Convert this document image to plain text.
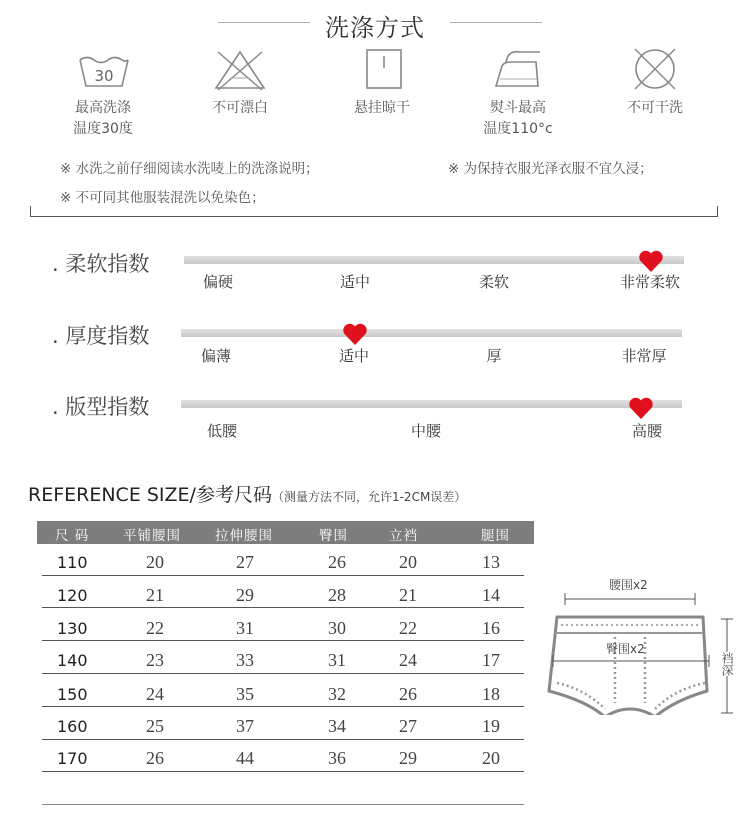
洗涤方式
30
最高洗涤
温度30度
不可漂白	悬挂晾干	熨斗最高
温度110°c
不可干洗
※ 水洗之前仔细阅读水洗唛上的洗涤说明；	※ 为保持衣服光泽衣服不宜久浸；
※ 不可同其他服装混洗以免染色；
. 柔软指数
偏硬	适中	柔软	非常柔软
. 厚度指数
偏薄	适中	厚	非常厚
. 版型指数
低腰	中腰	高腰
REFERENCE SIZE/参考尺码（测量方法不同，允许1-2CM误差）
尺 码 平铺腰围	拉伸腰围	臀围	立裆	腿围
110	20	27	26	20	13
120	21	29	28	21	14
130	22	31	30	22	16
140	23	33	31	24	17
150	24	35	32	26	18
160	25	37	34	27	19
170	26	44	36	29	20
腰围x2
臀围x2
裆深
